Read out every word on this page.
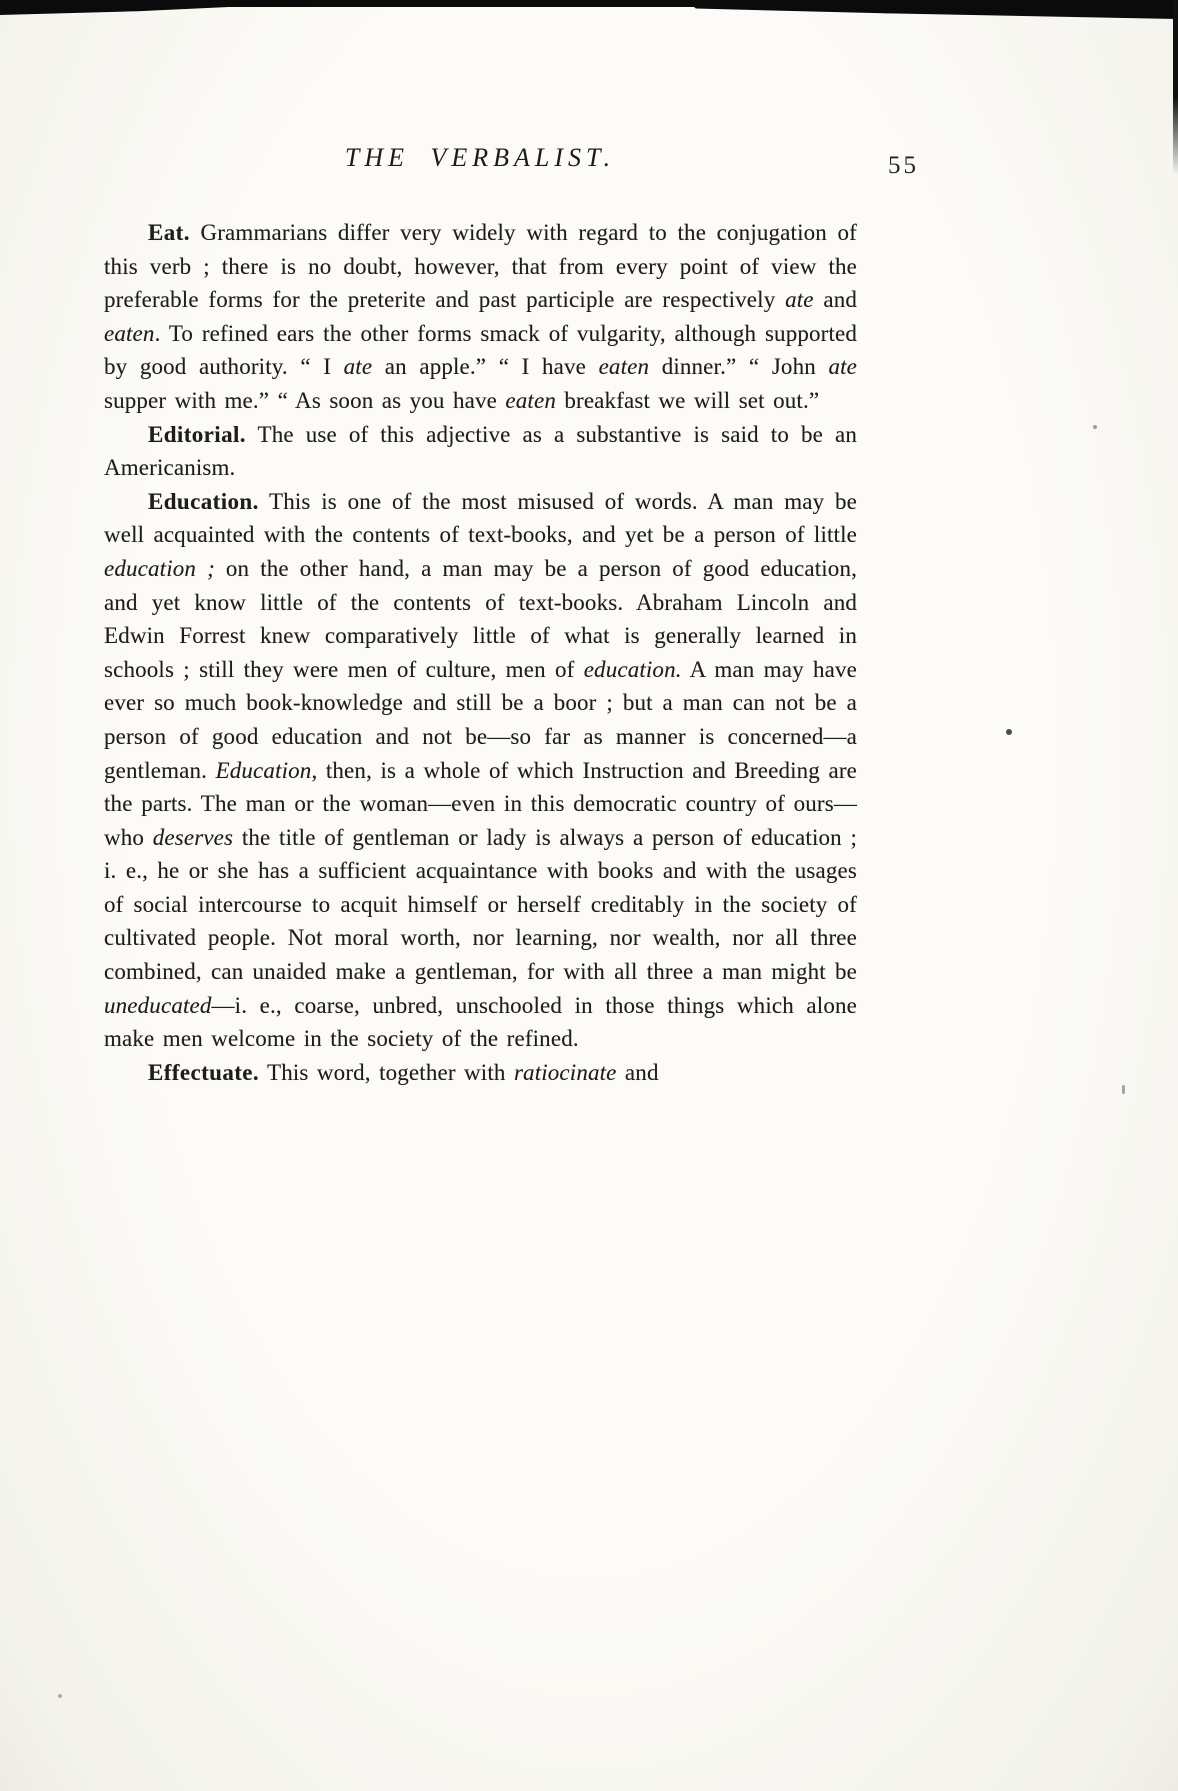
THE VERBALIST.	55

Eat. Grammarians differ very widely with regard to the conjugation of this verb ; there is no doubt, however, that from every point of view the preferable forms for the preterite and past participle are respectively ate and eaten. To refined ears the other forms smack of vulgarity, although supported by good authority. “ I ate an apple.” “ I have eaten dinner.” “ John ate supper with me.” “ As soon as you have eaten breakfast we will set out.”

Editorial. The use of this adjective as a substantive is said to be an Americanism.

Education. This is one of the most misused of words. A man may be well acquainted with the contents of text-books, and yet be a person of little education ; on the other hand, a man may be a person of good education, and yet know little of the contents of text-books. Abraham Lincoln and Edwin Forrest knew comparatively little of what is generally learned in schools ; still they were men of culture, men of education. A man may have ever so much book-knowledge and still be a boor ; but a man can not be a person of good education and not be—so far as manner is concerned—a gentleman. Education, then, is a whole of which Instruction and Breeding are the parts. The man or the woman—even in this democratic country of ours—who deserves the title of gentleman or lady is always a person of education ; i. e., he or she has a sufficient acquaintance with books and with the usages of social intercourse to acquit himself or herself creditably in the society of cultivated people. Not moral worth, nor learning, nor wealth, nor all three combined, can unaided make a gentleman, for with all three a man might be uneducated—i. e., coarse, unbred, unschooled in those things which alone make men welcome in the society of the refined.

Effectuate. This word, together with ratiocinate and
